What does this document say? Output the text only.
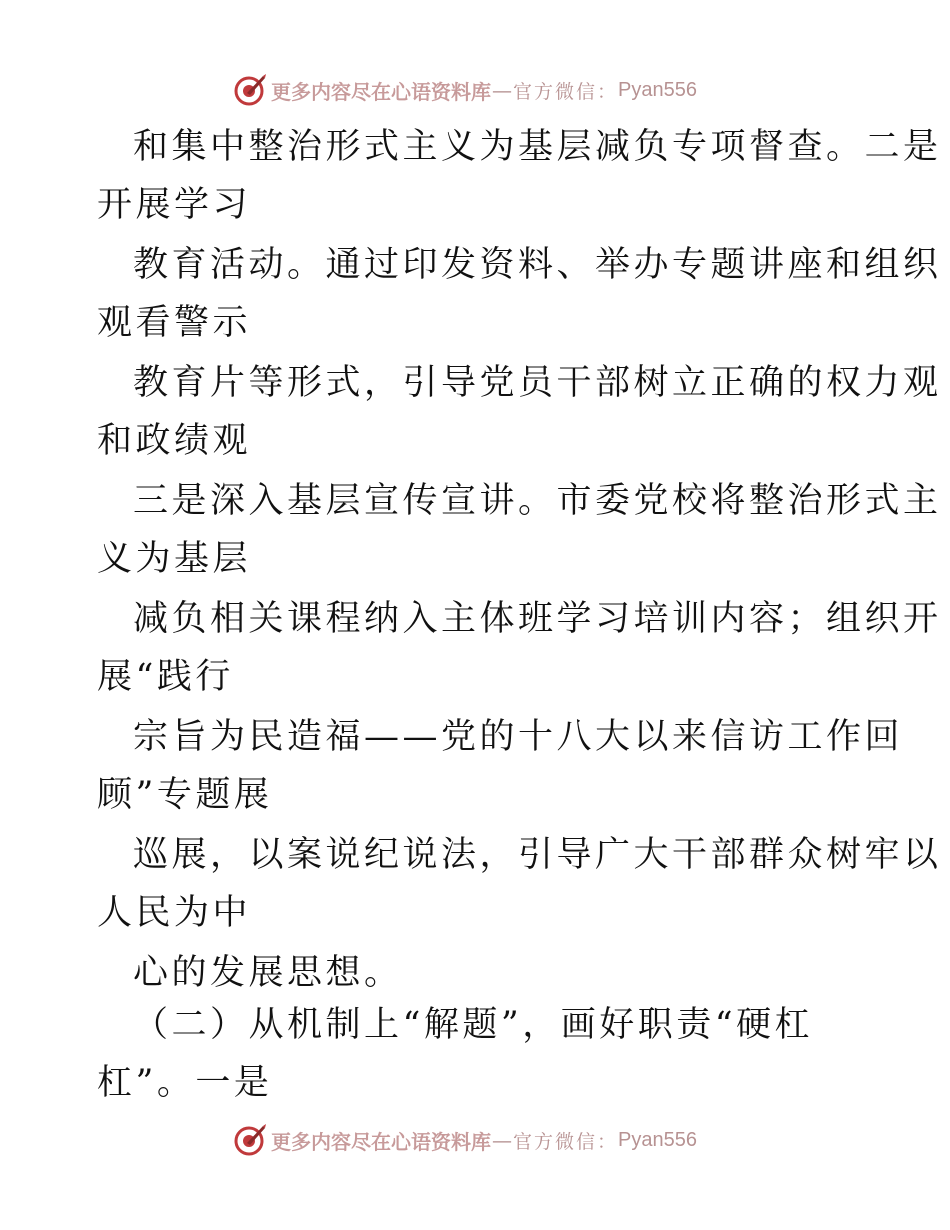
更多内容尽在心语资料库 — 官方微信： Pyan556
和集中整治形式主义为基层减负专项督查。二是
开展学习
教育活动。通过印发资料、举办专题讲座和组织
观看警示
教育片等形式，引导党员干部树立正确的权力观
和政绩观
三是深入基层宣传宣讲。市委党校将整治形式主
义为基层
减负相关课程纳入主体班学习培训内容；组织开
展“践行
宗旨为民造福——党的十八大以来信访工作回
顾”专题展
巡展，以案说纪说法，引导广大干部群众树牢以
人民为中
心的发展思想。
（二）从机制上“解题”，画好职责“硬杠
杠”。一是
更多内容尽在心语资料库 — 官方微信： Pyan556
